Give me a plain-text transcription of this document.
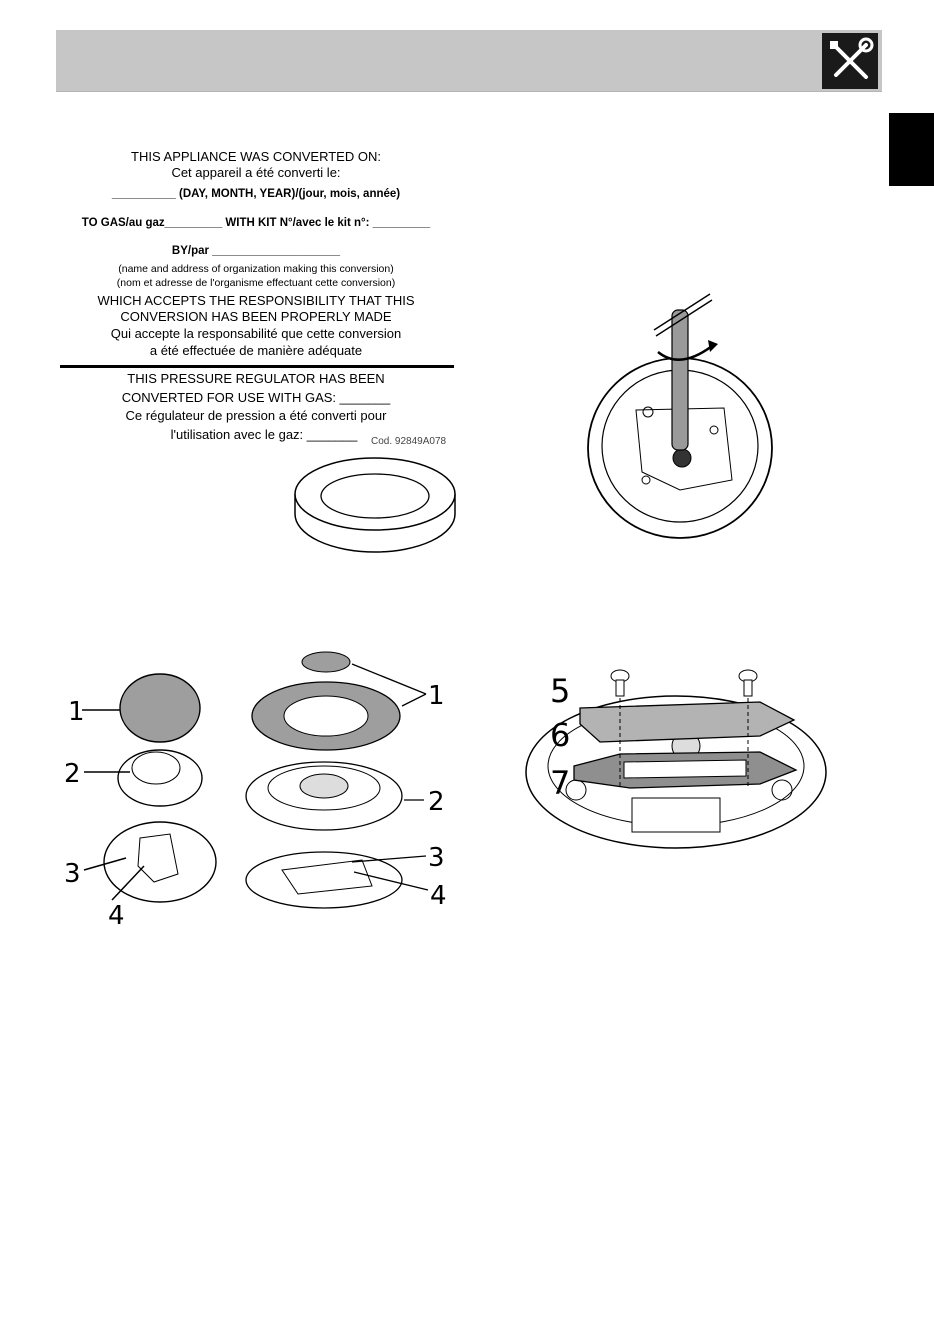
THIS APPLIANCE WAS CONVERTED ON:
Cet appareil a été converti le:
__________ (DAY, MONTH, YEAR)/(jour, mois, année)
TO GAS/au gaz_________ WITH KIT N°/avec le kit n°: _________
BY/par ____________________
(name and address of organization making this conversion)
(nom et adresse de l'organisme effectuant cette conversion)
WHICH ACCEPTS THE RESPONSIBILITY THAT THIS
CONVERSION HAS BEEN PROPERLY MADE
Qui accepte la responsabilité que cette conversion
a été effectuée de manière adéquate
THIS PRESSURE REGULATOR HAS BEEN
CONVERTED FOR USE WITH GAS: _______
Ce régulateur de pression a été converti pour
l'utilisation avec le gaz: _______	Cod. 92849A078
1
2
3
4
1
2
3
4
5
6
7
